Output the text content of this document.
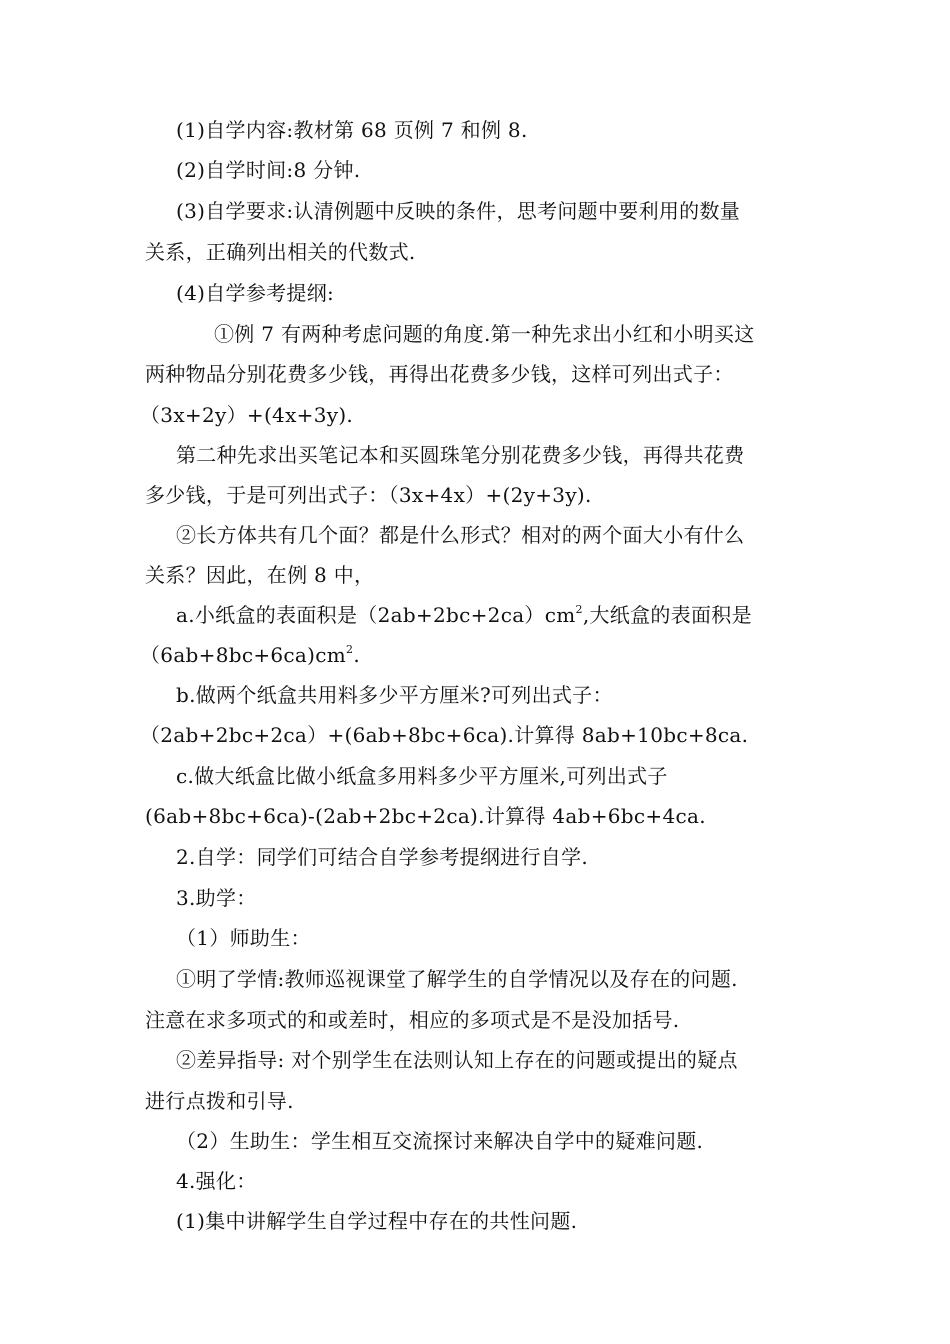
(1)自学内容:教材第 68 页例 7 和例 8.
(2)自学时间:8 分钟.
(3)自学要求:认清例题中反映的条件，思考问题中要利用的数量
关系，正确列出相关的代数式.
(4)自学参考提纲:
①例 7 有两种考虑问题的角度.第一种先求出小红和小明买这
两种物品分别花费多少钱，再得出花费多少钱，这样可列出式子：
（3x+2y）+(4x+3y).
第二种先求出买笔记本和买圆珠笔分别花费多少钱，再得共花费
多少钱，于是可列出式子：（3x+4x）+(2y+3y).
②长方体共有几个面？都是什么形式？相对的两个面大小有什么
关系？因此，在例 8 中，
a.小纸盒的表面积是$(2ab+2bc+2ca)cm^2$,大纸盒的表面积是
$(6ab+8bc+6ca)cm^2$.
b.做两个纸盒共用料多少平方厘米?可列出式子：
（2ab+2bc+2ca）+(6ab+8bc+6ca).计算得 8ab+10bc+8ca.
c.做大纸盒比做小纸盒多用料多少平方厘米,可列出式子
(6ab+8bc+6ca)-(2ab+2bc+2ca).计算得 4ab+6bc+4ca.
2.自学：同学们可结合自学参考提纲进行自学.
3.助学：
（1）师助生：
①明了学情:教师巡视课堂了解学生的自学情况以及存在的问题.
注意在求多项式的和或差时，相应的多项式是不是没加括号.
②差异指导: 对个别学生在法则认知上存在的问题或提出的疑点
进行点拨和引导.
（2）生助生：学生相互交流探讨来解决自学中的疑难问题.
4.强化：
(1)集中讲解学生自学过程中存在的共性问题.
